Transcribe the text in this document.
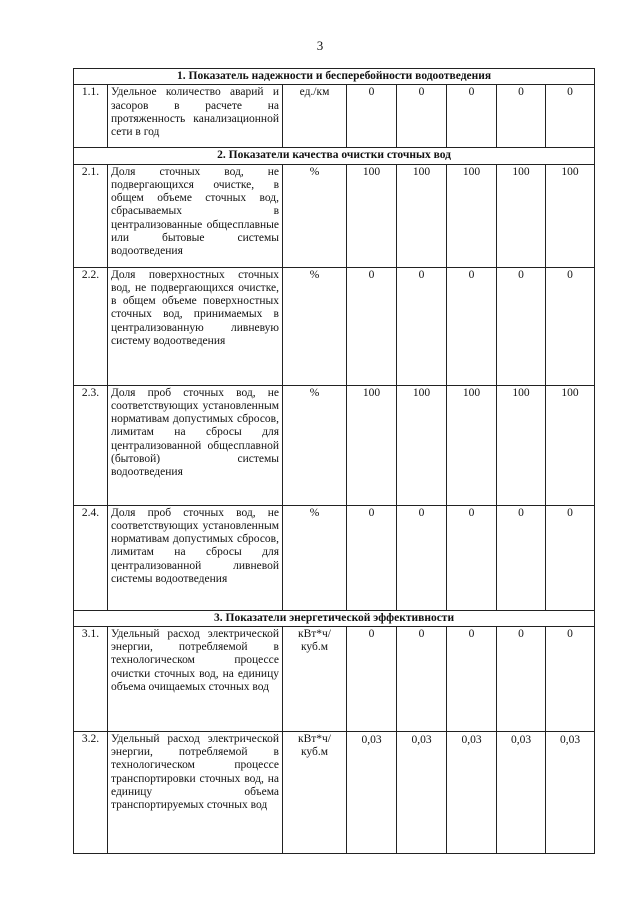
3
1. Показатель надежности и бесперебойности водоотведения							
1.1.	Удельное количество аварий и засоров в расчете на протяженность канализационной сети в год	ед./км	0	0	0	0	0
2. Показатели качества очистки сточных вод							
2.1.	Доля сточных вод, не подвергающихся очистке, в общем объеме сточных вод, сбрасываемых в централизованные общесплавные или бытовые системы водоотведения	%	100	100	100	100	100
2.2.	Доля поверхностных сточных вод, не подвергающихся очистке, в общем объеме поверхностных сточных вод, принимаемых в централизованную ливневую систему водоотведения	%	0	0	0	0	0
2.3.	Доля проб сточных вод, не соответствующих установленным нормативам допустимых сбросов, лимитам на сбросы для централизованной общесплавной (бытовой) системы водоотведения	%	100	100	100	100	100
2.4.	Доля проб сточных вод, не соответствующих установленным нормативам допустимых сбросов, лимитам на сбросы для централизованной ливневой системы водоотведения	%	0	0	0	0	0
3. Показатели энергетической эффективности							
3.1.	Удельный расход электрической энергии, потребляемой в технологическом процессе очистки сточных вод, на единицу объема очищаемых сточных вод	кВт*ч/ куб.м	0	0	0	0	0
3.2.	Удельный расход электрической энергии, потребляемой в технологическом процессе транспортировки сточных вод, на единицу объема транспортируемых сточных вод	кВт*ч/ куб.м	0,03	0,03	0,03	0,03	0,03
